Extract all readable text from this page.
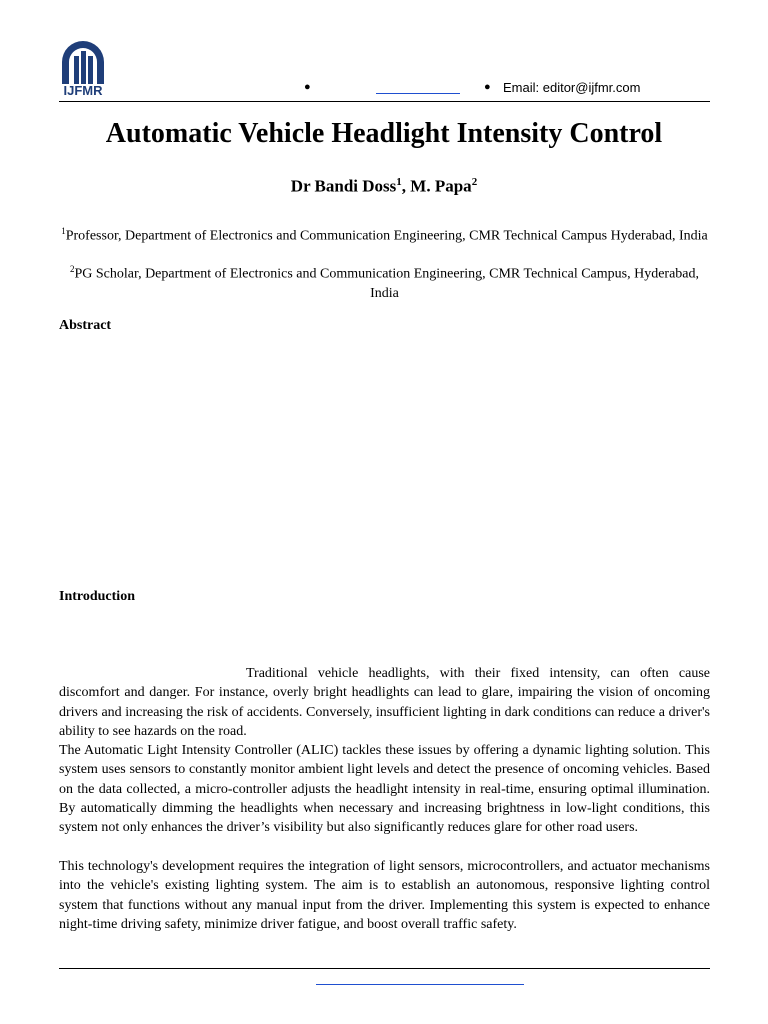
IJFMR	●	● Email: editor@ijfmr.com
Automatic Vehicle Headlight Intensity Control
Dr Bandi Doss$^1$, M. Papa$^2$
$^1$Professor, Department of Electronics and Communication Engineering, CMR Technical Campus Hyderabad, India
$^2$PG Scholar, Department of Electronics and Communication Engineering, CMR Technical Campus, Hyderabad, India
Abstract
Introduction

Traditional vehicle headlights, with their fixed intensity, can often cause discomfort and danger. For instance, overly bright headlights can lead to glare, impairing the vision of oncoming drivers and increasing the risk of accidents. Conversely, insufficient lighting in dark conditions can reduce a driver's ability to see hazards on the road.

The Automatic Light Intensity Controller (ALIC) tackles these issues by offering a dynamic lighting solution. This system uses sensors to constantly monitor ambient light levels and detect the presence of oncoming vehicles. Based on the data collected, a micro-controller adjusts the headlight intensity in real-time, ensuring optimal illumination. By automatically dimming the headlights when necessary and increasing brightness in low-light conditions, this system not only enhances the driver’s visibility but also significantly reduces glare for other road users.

This technology's development requires the integration of light sensors, microcontrollers, and actuator mechanisms into the vehicle's existing lighting system. The aim is to establish an autonomous, responsive lighting control system that functions without any manual input from the driver. Implementing this system is expected to enhance night-time driving safety, minimize driver fatigue, and boost overall traffic safety.
